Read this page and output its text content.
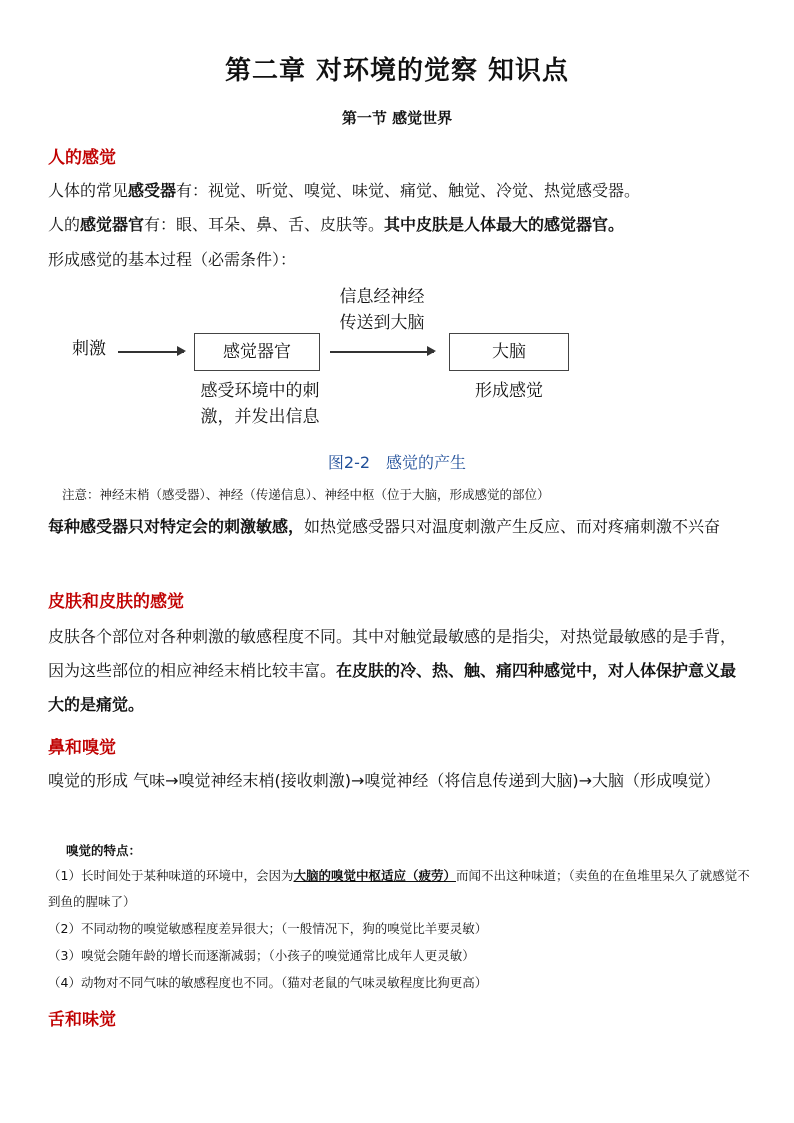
第二章 对环境的觉察 知识点
第一节 感觉世界
人的感觉
人体的常见感受器有：视觉、听觉、嗅觉、味觉、痛觉、触觉、冷觉、热觉感受器。
人的感觉器官有：眼、耳朵、鼻、舌、皮肤等。其中皮肤是人体最大的感觉器官。
形成感觉的基本过程（必需条件）：
刺激	感觉器官
感受环境中的刺
激，并发出信息
信息经神经
传送到大脑
大脑
形成感觉
图2-2　感觉的产生
注意：神经末梢（感受器）、神经（传递信息）、神经中枢（位于大脑，形成感觉的部位）
每种感受器只对特定会的刺激敏感，如热觉感受器只对温度刺激产生反应、而对疼痛刺激不兴奋
皮肤和皮肤的感觉
皮肤各个部位对各种刺激的敏感程度不同。其中对触觉最敏感的是指尖，对热觉最敏感的是手背，因为这些部位的相应神经末梢比较丰富。在皮肤的冷、热、触、痛四种感觉中，对人体保护意义最大的是痛觉。
鼻和嗅觉
嗅觉的形成 气味→嗅觉神经末梢(接收刺激)→嗅觉神经（将信息传递到大脑)→大脑（形成嗅觉）
嗅觉的特点：
（1）长时间处于某种味道的环境中，会因为大脑的嗅觉中枢适应（疲劳）而闻不出这种味道；（卖鱼的在鱼堆里呆久了就感觉不到鱼的腥味了）
（2）不同动物的嗅觉敏感程度差异很大；（一般情况下，狗的嗅觉比羊要灵敏）
（3）嗅觉会随年龄的增长而逐渐减弱；（小孩子的嗅觉通常比成年人更灵敏）
（4）动物对不同气味的敏感程度也不同。（猫对老鼠的气味灵敏程度比狗更高）
舌和味觉
